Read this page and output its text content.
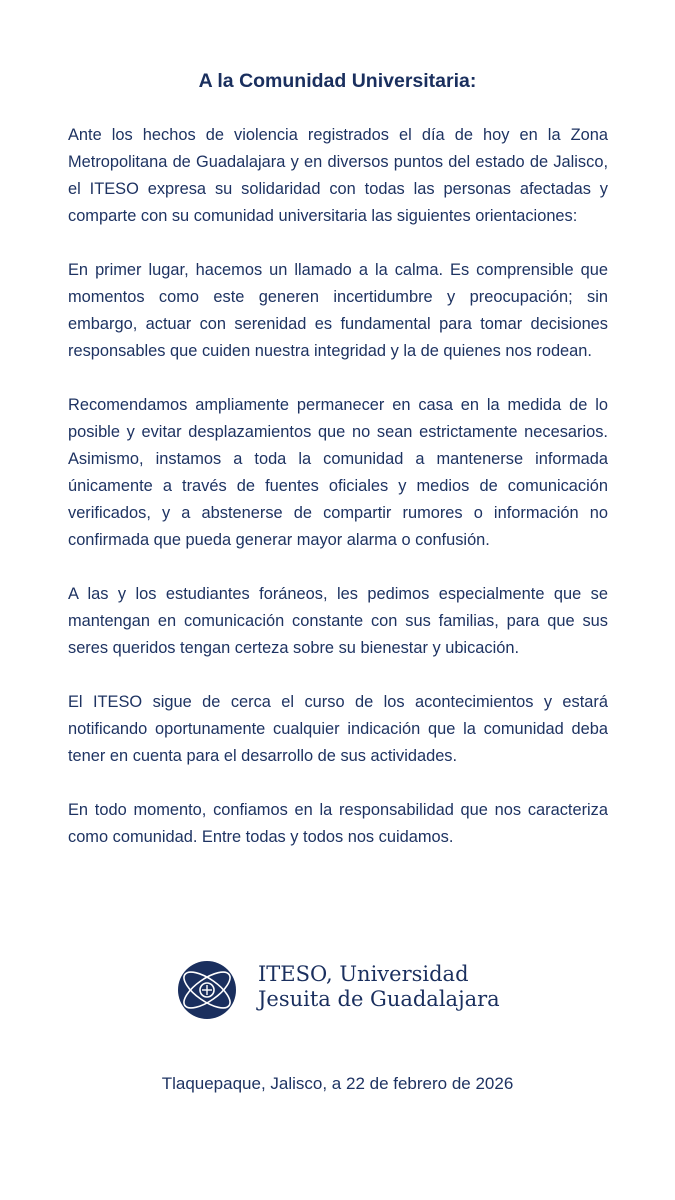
A la Comunidad Universitaria:

Ante los hechos de violencia registrados el día de hoy en la Zona Metropolitana de Guadalajara y en diversos puntos del estado de Jalisco, el ITESO expresa su solidaridad con todas las personas afectadas y comparte con su comunidad universitaria las siguientes orientaciones:

En primer lugar, hacemos un llamado a la calma. Es comprensible que momentos como este generen incertidumbre y preocupación; sin embargo, actuar con serenidad es fundamental para tomar decisiones responsables que cuiden nuestra integridad y la de quienes nos rodean.

Recomendamos ampliamente permanecer en casa en la medida de lo posible y evitar desplazamientos que no sean estrictamente necesarios. Asimismo, instamos a toda la comunidad a mantenerse informada únicamente a través de fuentes oficiales y medios de comunicación verificados, y a abstenerse de compartir rumores o información no confirmada que pueda generar mayor alarma o confusión.

A las y los estudiantes foráneos, les pedimos especialmente que se mantengan en comunicación constante con sus familias, para que sus seres queridos tengan certeza sobre su bienestar y ubicación.

El ITESO sigue de cerca el curso de los acontecimientos y estará notificando oportunamente cualquier indicación que la comunidad deba tener en cuenta para el desarrollo de sus actividades.

En todo momento, confiamos en la responsabilidad que nos caracteriza como comunidad. Entre todas y todos nos cuidamos.

ITESO, Universidad
Jesuita de Guadalajara
Tlaquepaque, Jalisco, a 22 de febrero de 2026
